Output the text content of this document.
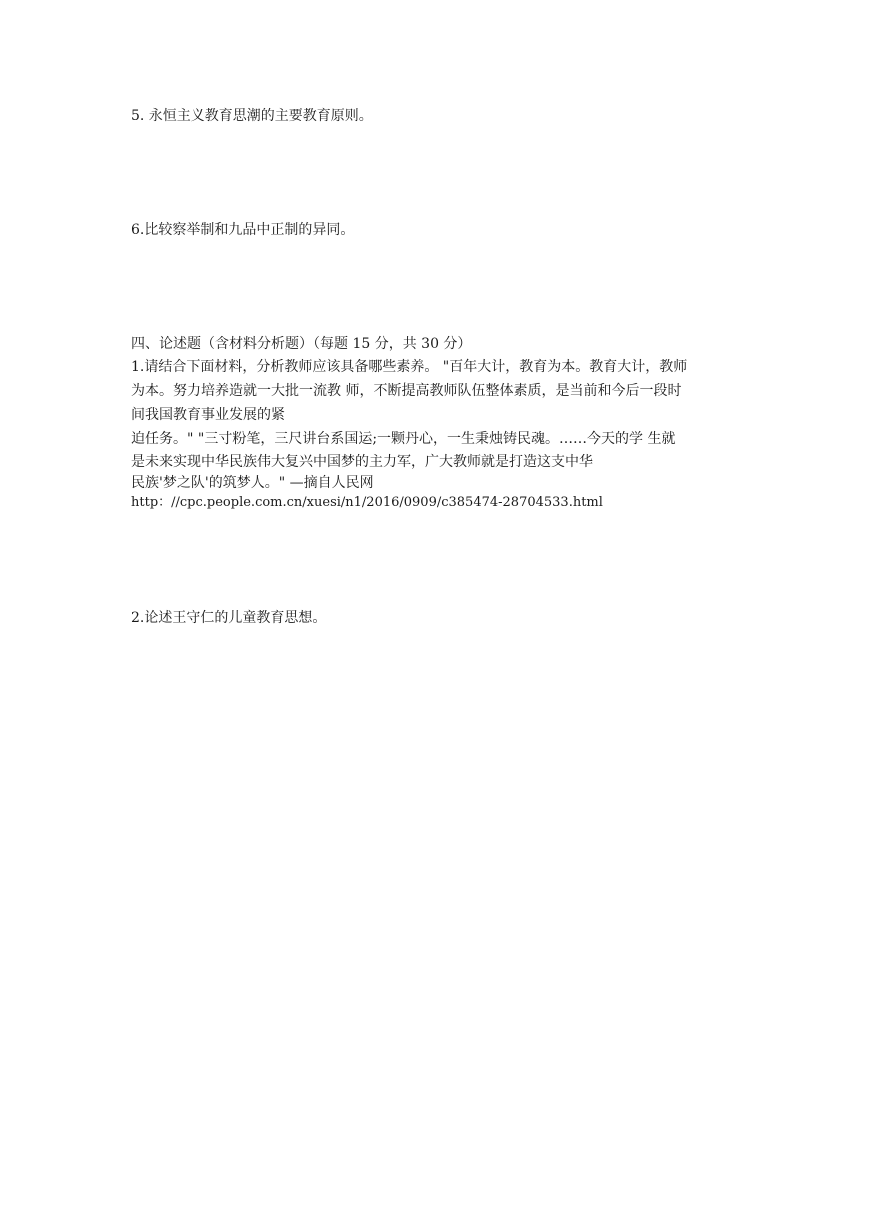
5. 永恒主义教育思潮的主要教育原则。
6.比较察举制和九品中正制的异同。
四、论述题（含材料分析题）（每题 15 分，共 30 分）
1.请结合下面材料，分析教师应该具备哪些素养。 "百年大计，教育为本。教育大计，教师
为本。努力培养造就一大批一流教 师，不断提高教师队伍整体素质，是当前和今后一段时
间我国教育事业发展的紧
迫任务。" "三寸粉笔，三尺讲台系国运;一颗丹心，一生秉烛铸民魂。……今天的学 生就
是未来实现中华民族伟大复兴中国梦的主力军，广大教师就是打造这支中华
民族'梦之队'的筑梦人。" —摘自人民网
http：//cpc.people.com.cn/xuesi/n1/2016/0909/c385474-28704533.html
2.论述王守仁的儿童教育思想。
